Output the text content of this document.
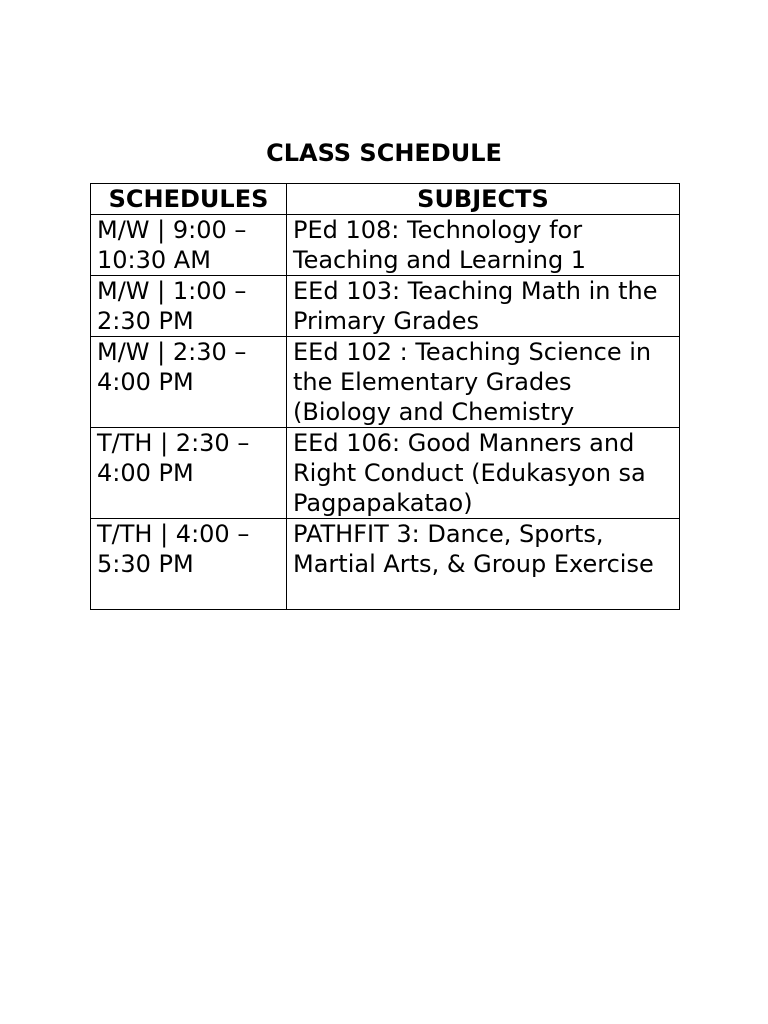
CLASS SCHEDULE
SCHEDULES	SUBJECTS
M/W | 9:00 – 10:30 AM	PEd 108: Technology for Teaching and Learning 1
M/W | 1:00 – 2:30 PM	EEd 103: Teaching Math in the Primary Grades
M/W | 2:30 – 4:00 PM	EEd 102 : Teaching Science in the Elementary Grades (Biology and Chemistry
T/TH | 2:30 – 4:00 PM	EEd 106: Good Manners and Right Conduct (Edukasyon sa Pagpapakatao)
T/TH | 4:00 – 5:30 PM	PATHFIT 3: Dance, Sports, Martial Arts, & Group Exercise
